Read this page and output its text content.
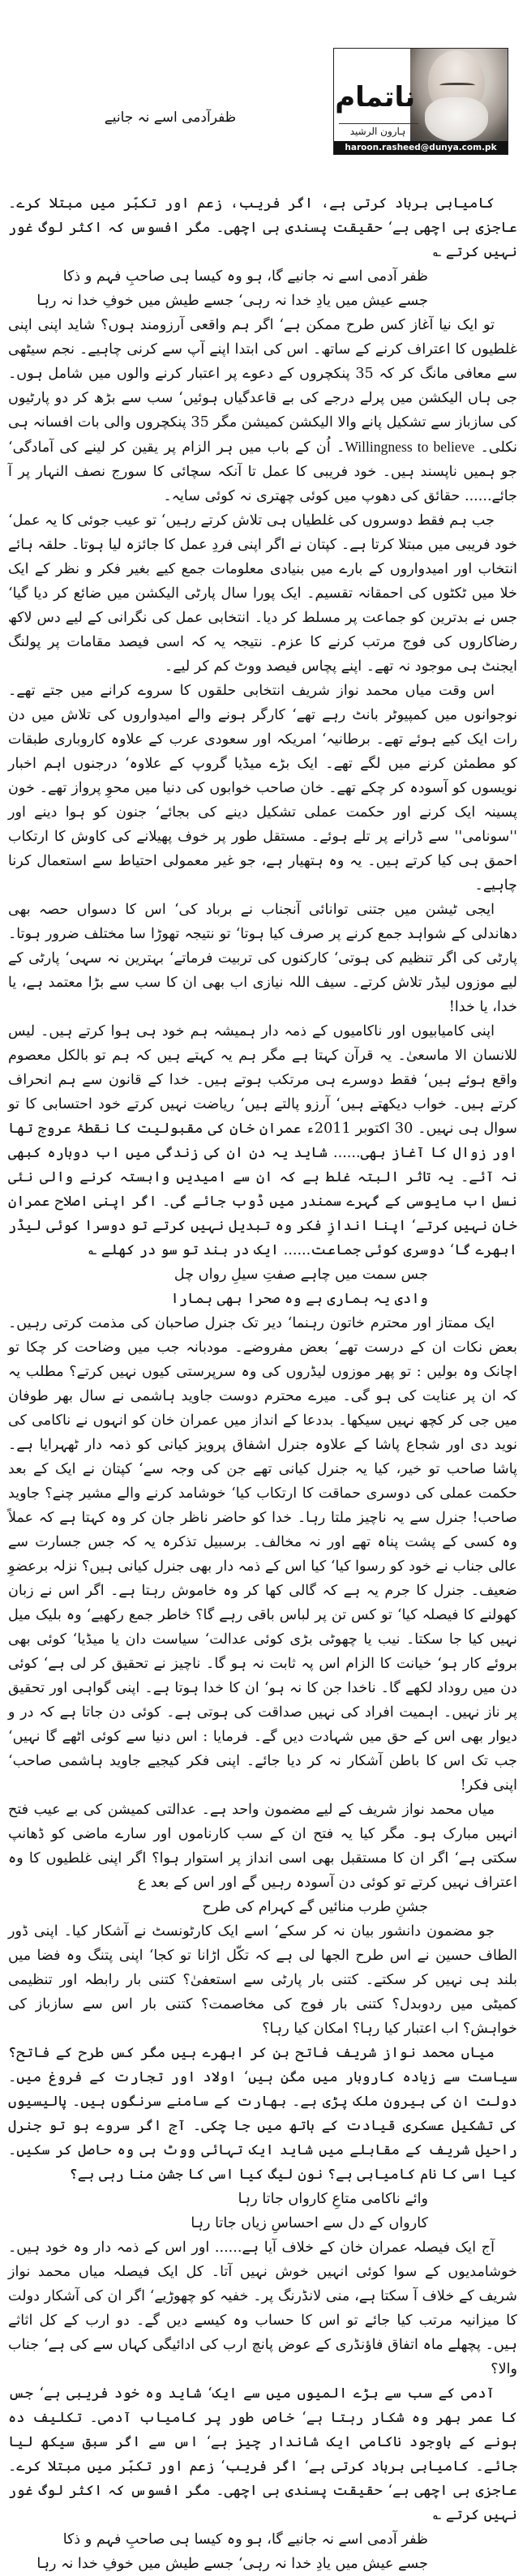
ناتمام
ہارون الرشید
haroon.rasheed@dunya.com.pk
ظفرآدمی اسے نہ جانیے

کامیابی برباد کرتی ہے، اگر فریب، زعم اور تکبّر میں مبتلا کرے۔ عاجزی ہی اچھی ہے‘ حقیقت پسندی ہی اچھی۔ مگر افسوس کہ اکثر لوگ غور نہیں کرتے ؎

ظفر آدمی اسے نہ جانیے گا، ہو وہ کیسا ہی صاحبِ فہم و ذکا

جسے عیش میں یادِ خدا نہ رہی‘ جسے طیش میں خوفِ خدا نہ رہا

تو ایک نیا آغاز کس طرح ممکن ہے‘ اگر ہم واقعی آرزومند ہوں؟ شاید اپنی اپنی غلطیوں کا اعتراف کرنے کے ساتھ۔ اس کی ابتدا اپنے آپ سے کرنی چاہیے۔ نجم سیٹھی سے معافی مانگ کر کہ 35 پنکچروں کے دعوے پر اعتبار کرنے والوں میں شامل ہوں۔ جی ہاں الیکشن میں پرلے درجے کی بے قاعدگیاں ہوئیں‘ سب سے بڑھ کر دو پارٹیوں کی سازباز سے تشکیل پانے والا الیکشن کمیشن مگر 35 پنکچروں والی بات افسانہ ہی نکلی۔ Willingness to believe۔ اُن کے باب میں ہر الزام پر یقین کر لینے کی آمادگی‘ جو ہمیں ناپسند ہیں۔ خود فریبی کا عمل تا آنکہ سچائی کا سورج نصف النہار پر آ جائے...... حقائق کی دھوپ میں کوئی چھتری نہ کوئی سایہ۔

جب ہم فقط دوسروں کی غلطیاں ہی تلاش کرتے رہیں‘ تو عیب جوئی کا یہ عمل‘ خود فریبی میں مبتلا کرتا ہے۔ کپتان نے اگر اپنی فردِ عمل کا جائزہ لیا ہوتا۔ حلقہ ہائے انتخاب اور امیدواروں کے بارے میں بنیادی معلومات جمع کیے بغیر فکر و نظر کے ایک خلا میں ٹکٹوں کی احمقانہ تقسیم۔ ایک پورا سال پارٹی الیکشن میں ضائع کر دیا گیا‘ جس نے بدترین کو جماعت پر مسلط کر دیا۔ انتخابی عمل کی نگرانی کے لیے دس لاکھ رضاکاروں کی فوج مرتب کرنے کا عزم۔ نتیجہ یہ کہ اسی فیصد مقامات پر پولنگ ایجنٹ ہی موجود نہ تھے۔ اپنے پچاس فیصد ووٹ کم کر لیے۔

اس وقت میاں محمد نواز شریف انتخابی حلقوں کا سروے کرانے میں جتے تھے۔ نوجوانوں میں کمپیوٹر بانٹ رہے تھے‘ کارگر ہونے والے امیدواروں کی تلاش میں دن رات ایک کیے ہوئے تھے۔ برطانیہ‘ امریکہ اور سعودی عرب کے علاوہ کاروباری طبقات کو مطمئن کرنے میں لگے تھے۔ ایک بڑے میڈیا گروپ کے علاوہ‘ درجنوں اہم اخبار نویسوں کو آسودہ کر چکے تھے۔ خان صاحب خوابوں کی دنیا میں محوِ پرواز تھے۔ خون پسینہ ایک کرنے اور حکمت عملی تشکیل دینے کی بجائے‘ جنون کو ہوا دینے اور ''سونامی'' سے ڈرانے پر تلے ہوئے۔ مستقل طور پر خوف پھیلانے کی کاوش کا ارتکاب احمق ہی کیا کرتے ہیں۔ یہ وہ ہتھیار ہے، جو غیر معمولی احتیاط سے استعمال کرنا چاہیے۔

ایجی ٹیشن میں جتنی توانائی آنجناب نے برباد کی‘ اس کا دسواں حصہ بھی دھاندلی کے شواہد جمع کرنے پر صرف کیا ہوتا‘ تو نتیجہ تھوڑا سا مختلف ضرور ہوتا۔ پارٹی کی اگر تنظیم کی ہوتی‘ کارکنوں کی تربیت فرماتے‘ بہترین نہ سہی‘ پارٹی کے لیے موزوں لیڈر تلاش کرتے۔ سیف اللہ نیازی اب بھی ان کا سب سے بڑا معتمد ہے، یا خدا، یا خدا!

اپنی کامیابیوں اور ناکامیوں کے ذمہ دار ہمیشہ ہم خود ہی ہوا کرتے ہیں۔ لیس للانسان الا ماسعیٰ۔ یہ قرآن کہتا ہے مگر ہم یہ کہتے ہیں کہ ہم تو بالکل معصوم واقع ہوئے ہیں‘ فقط دوسرے ہی مرتکب ہوتے ہیں۔ خدا کے قانون سے ہم انحراف کرتے ہیں۔ خواب دیکھتے ہیں‘ آرزو پالتے ہیں‘ ریاضت نہیں کرتے خود احتسابی کا تو سوال ہی نہیں۔ 30 اکتوبر 2011ء عمران خان کی مقبولیت کا نقطۂ عروج تھا اور زوال کا آغاز بھی...... شاید یہ دن ان کی زندگی میں اب دوبارہ کبھی نہ آئے۔ یہ تاثر البتہ غلط ہے کہ ان سے امیدیں وابستہ کرنے والی نئی نسل اب مایوسی کے گہرے سمندر میں ڈوب جائے گی۔ اگر اپنی اصلاح عمران خان نہیں کرتے‘ اپنا اندازِ فکر وہ تبدیل نہیں کرتے تو دوسرا کوئی لیڈر ابھرے گا‘ دوسری کوئی جماعت...... ایک در بند تو سو در کھلے ؎

جس سمت میں چاہے صفتِ سیلِ رواں چل

وادی یہ ہماری ہے وہ صحرا بھی ہمارا

ایک ممتاز اور محترم خاتون رہنما‘ دیر تک جنرل صاحبان کی مذمت کرتی رہیں۔ بعض نکات ان کے درست تھے‘ بعض مفروضے۔ مودبانہ جب میں وضاحت کر چکا تو اچانک وہ بولیں : تو پھر موزوں لیڈروں کی وہ سرپرستی کیوں نہیں کرتے؟ مطلب یہ کہ ان پر عنایت کی ہو گی۔ میرے محترم دوست جاوید ہاشمی نے سال بھر طوفان میں جی کر کچھ نہیں سیکھا۔ بددعا کے انداز میں عمران خان کو انہوں نے ناکامی کی نوید دی اور شجاع پاشا کے علاوہ جنرل اشفاق پرویز کیانی کو ذمہ دار ٹھہرایا ہے۔ پاشا صاحب تو خیر، کیا یہ جنرل کیانی تھے جن کی وجہ سے‘ کپتان نے ایک کے بعد حکمت عملی کی دوسری حماقت کا ارتکاب کیا‘ خوشامد کرنے والے مشیر چنے؟ جاوید صاحب! جنرل سے یہ ناچیز ملتا رہا۔ خدا کو حاضر ناظر جان کر وہ کہتا ہے کہ عملاً وہ کسی کے پشت پناہ تھے اور نہ مخالف۔ برسبیل تذکرہ یہ کہ جس جسارت سے عالی جناب نے خود کو رسوا کیا‘ کیا اس کے ذمہ دار بھی جنرل کیانی ہیں؟ نزلہ برعضوِ ضعیف۔ جنرل کا جرم یہ ہے کہ گالی کھا کر وہ خاموش رہتا ہے۔ اگر اس نے زبان کھولنے کا فیصلہ کیا‘ تو کس تن پر لباس باقی رہے گا؟ خاطر جمع رکھیے‘ وہ بلیک میل نہیں کیا جا سکتا۔ نیب یا چھوٹی بڑی کوئی عدالت‘ سیاست دان یا میڈیا‘ کوئی بھی بروئے کار ہو‘ خیانت کا الزام اس پہ ثابت نہ ہو گا۔ ناچیز نے تحقیق کر لی ہے‘ کوئی دن میں روداد لکھے گا۔ ناخدا جن کا نہ ہو‘ ان کا خدا ہوتا ہے۔ اپنی گواہی اور تحقیق پر ناز نہیں۔ اہمیت افراد کی نہیں صداقت کی ہوتی ہے۔ کوئی دن جاتا ہے کہ در و دیوار بھی اس کے حق میں شہادت دیں گے۔ فرمایا : اس دنیا سے کوئی اٹھے گا نہیں‘ جب تک اس کا باطن آشکار نہ کر دیا جائے۔ اپنی فکر کیجیے جاوید ہاشمی صاحب‘ اپنی فکر!

میاں محمد نواز شریف کے لیے مضمون واحد ہے۔ عدالتی کمیشن کی بے عیب فتح انہیں مبارک ہو۔ مگر کیا یہ فتح ان کے سب کارناموں اور سارے ماضی کو ڈھانپ سکتی ہے‘ اگر ان کا مستقبل بھی اسی انداز پر استوار ہوا؟ اگر اپنی غلطیوں کا وہ اعتراف نہیں کرتے تو کوئی دن آسودہ رہیں گے اور اس کے بعد ع

جشنِ طرب منائیں گے کہرام کی طرح

جو مضمون دانشور بیان نہ کر سکے‘ اسے ایک کارٹونسٹ نے آشکار کیا۔ اپنی ڈور الطاف حسین نے اس طرح الجھا لی ہے کہ تکّل اڑانا تو کجا‘ اپنی پتنگ وہ فضا میں بلند ہی نہیں کر سکتے۔ کتنی بار پارٹی سے استعفیٰ؟ کتنی بار رابطہ اور تنظیمی کمیٹی میں ردوبدل؟ کتنی بار فوج کی مخاصمت؟ کتنی بار اس سے سازباز کی خواہش؟ اب اعتبار کیا رہا؟ امکان کیا رہا؟

میاں محمد نواز شریف فاتح بن کر ابھرے ہیں مگر کس طرح کے فاتح؟ سیاست سے زیادہ کاروبار میں مگن ہیں‘ اولاد اور تجارت کے فروغ میں۔ دولت ان کی بیرون ملک پڑی ہے۔ بھارت کے سامنے سرنگوں ہیں۔ پالیسیوں کی تشکیل عسکری قیادت کے ہاتھ میں جا چکی۔ آج اگر سروے ہو تو جنرل راحیل شریف کے مقابلے میں شاید ایک تہائی ووٹ ہی وہ حاصل کر سکیں۔ کیا اسی کا نام کامیابی ہے؟ نون لیگ کیا اسی کا جشن منا رہی ہے؟

وائے ناکامی متاعِ کارواں جاتا رہا

کارواں کے دل سے احساسِ زیاں جاتا رہا

آج ایک فیصلہ عمران خان کے خلاف آیا ہے...... اور اس کے ذمہ دار وہ خود ہیں۔ خوشامدیوں کے سوا کوئی انہیں خوش نہیں آتا۔ کل ایک فیصلہ میاں محمد نواز شریف کے خلاف آ سکتا ہے، منی لانڈرنگ پر۔ خفیہ کو چھوڑیے‘ اگر ان کی آشکار دولت کا میزانیہ مرتب کیا جائے تو اس کا حساب وہ کیسے دیں گے۔ دو ارب کے کل اثاثے ہیں۔ پچھلے ماہ اتفاق فاؤنڈری کے عوض پانچ ارب کی ادائیگی کہاں سے کی ہے‘ جناب والا؟

آدمی کے سب سے بڑے المیوں میں سے ایک‘ شاید وہ خود فریبی ہے‘ جس کا عمر بھر وہ شکار رہتا ہے‘ خاص طور پر کامیاب آدمی۔ تکلیف دہ ہونے کے باوجود ناکامی ایک شاندار چیز ہے‘ اس سے اگر سبق سیکھ لیا جائے۔ کامیابی برباد کرتی ہے‘ اگر فریب‘ زعم اور تکبّر میں مبتلا کرے۔ عاجزی ہی اچھی ہے‘ حقیقت پسندی ہی اچھی۔ مگر افسوس کہ اکثر لوگ غور نہیں کرتے ؎

ظفر آدمی اسے نہ جانیے گا، ہو وہ کیسا ہی صاحبِ فہم و ذکا

جسے عیش میں یادِ خدا نہ رہی‘ جسے طیش میں خوفِ خدا نہ رہا
